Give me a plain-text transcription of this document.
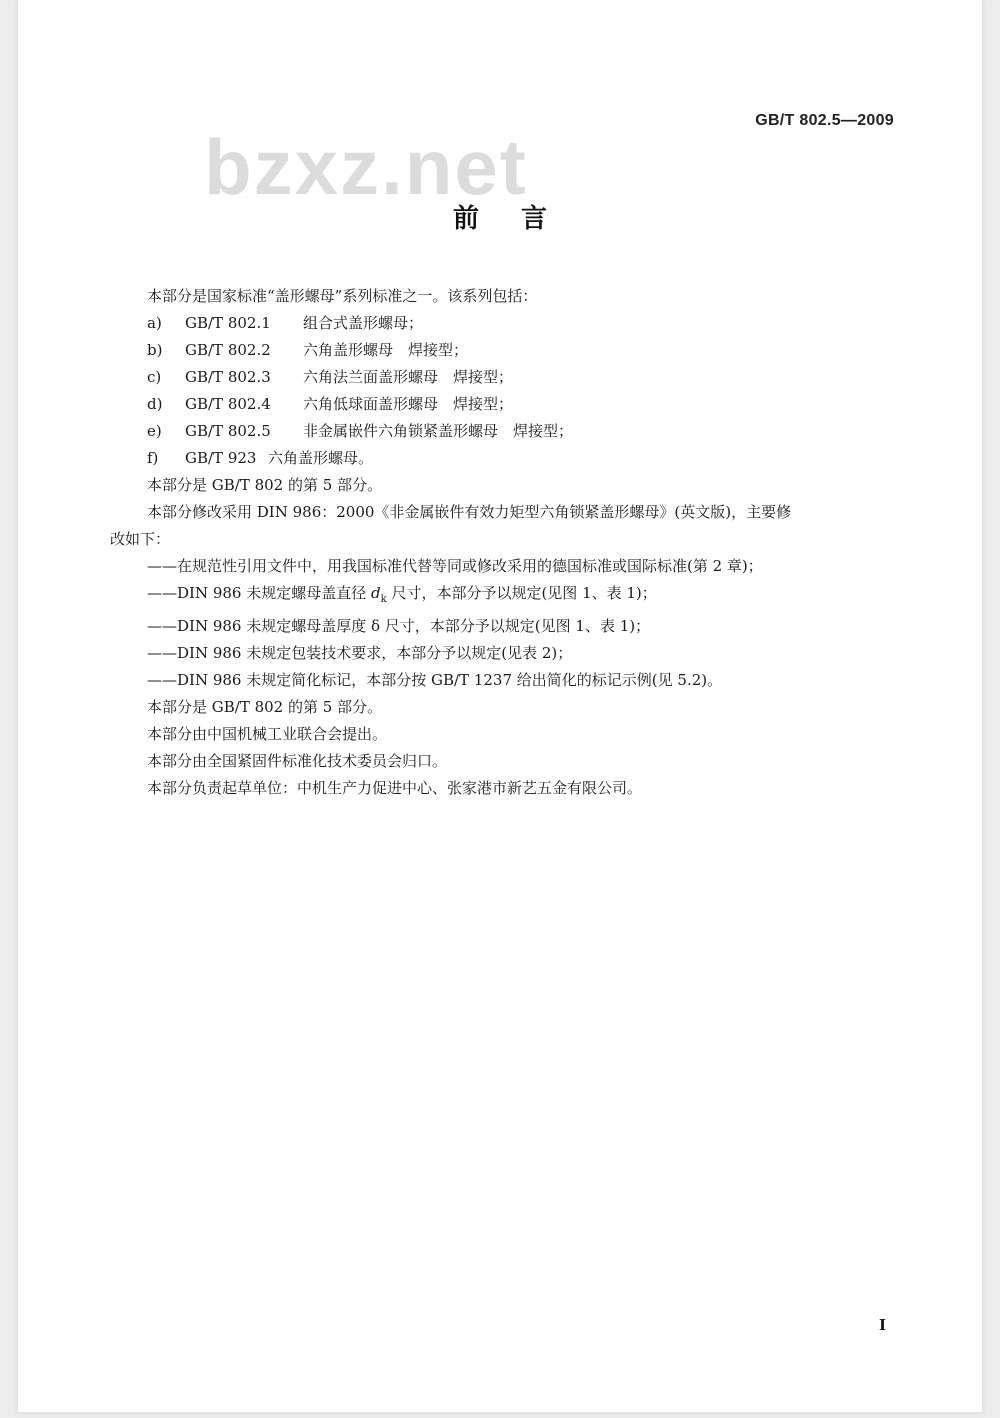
GB/T 802.5—2009
bzxz.net
前言
本部分是国家标准“盖形螺母”系列标准之一。该系列包括：
a) GB/T 802.1 组合式盖形螺母；
b) GB/T 802.2 六角盖形螺母　焊接型；
c) GB/T 802.3 六角法兰面盖形螺母　焊接型；
d) GB/T 802.4 六角低球面盖形螺母　焊接型；
e) GB/T 802.5 非金属嵌件六角锁紧盖形螺母　焊接型；
f) GB/T 923 六角盖形螺母。
本部分是 GB/T 802 的第 5 部分。
本部分修改采用 DIN 986：2000《非金属嵌件有效力矩型六角锁紧盖形螺母》(英文版)，主要修
改如下：
——在规范性引用文件中，用我国标准代替等同或修改采用的德国标准或国际标准(第 2 章)；
——DIN 986 未规定螺母盖直径 $d_k$ 尺寸，本部分予以规定(见图 1、表 1)；
——DIN 986 未规定螺母盖厚度 δ 尺寸，本部分予以规定(见图 1、表 1)；
——DIN 986 未规定包装技术要求，本部分予以规定(见表 2)；
——DIN 986 未规定简化标记，本部分按 GB/T 1237 给出简化的标记示例(见 5.2)。
本部分是 GB/T 802 的第 5 部分。
本部分由中国机械工业联合会提出。
本部分由全国紧固件标准化技术委员会归口。
本部分负责起草单位：中机生产力促进中心、张家港市新艺五金有限公司。
I
